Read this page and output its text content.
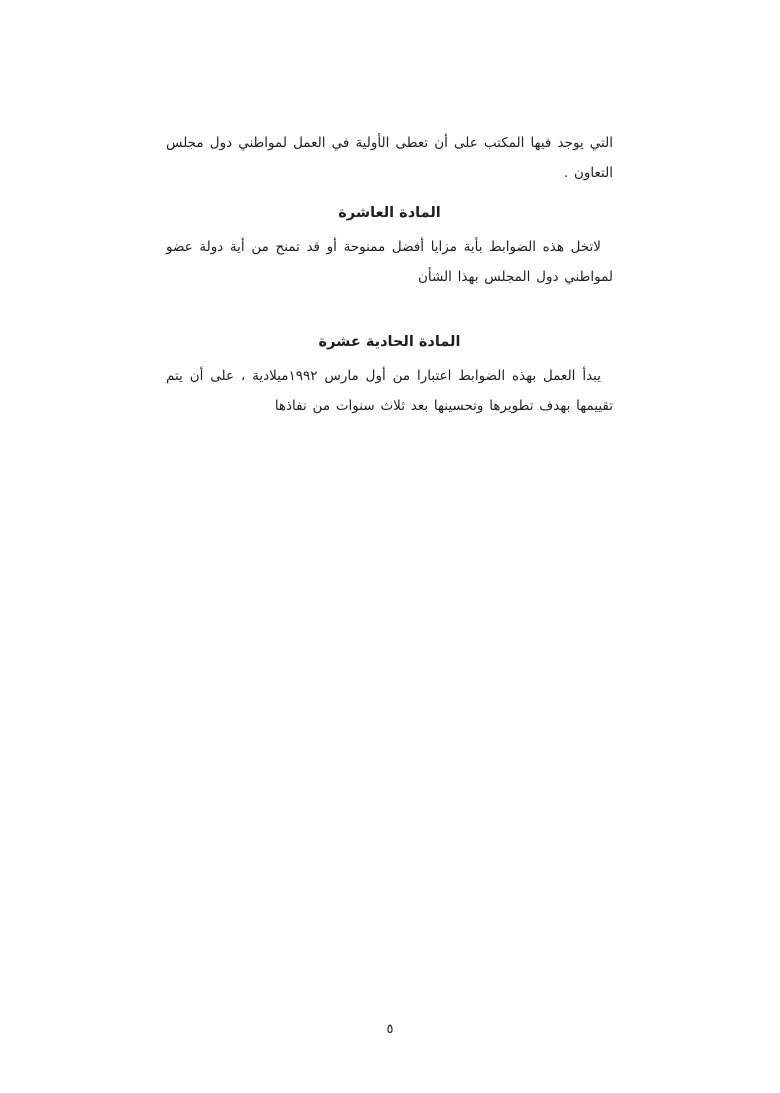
التي يوجد فيها المكتب على أن تعطى الأولية في العمل لمواطني دول مجلس التعاون .

المادة العاشرة

لاتخل هذه الضوابط بأية مزايا أفضل ممنوحة أو قد تمنح من أية دولة عضو لمواطني دول المجلس بهذا الشأن

المادة الحادية عشرة

يبدأ العمل بهذه الضوابط اعتبارا من أول مارس ١٩٩٢ميلادية ، على أن يتم تقييمها بهدف تطويرها وتحسينها بعد ثلاث سنوات من نفاذها

٥
